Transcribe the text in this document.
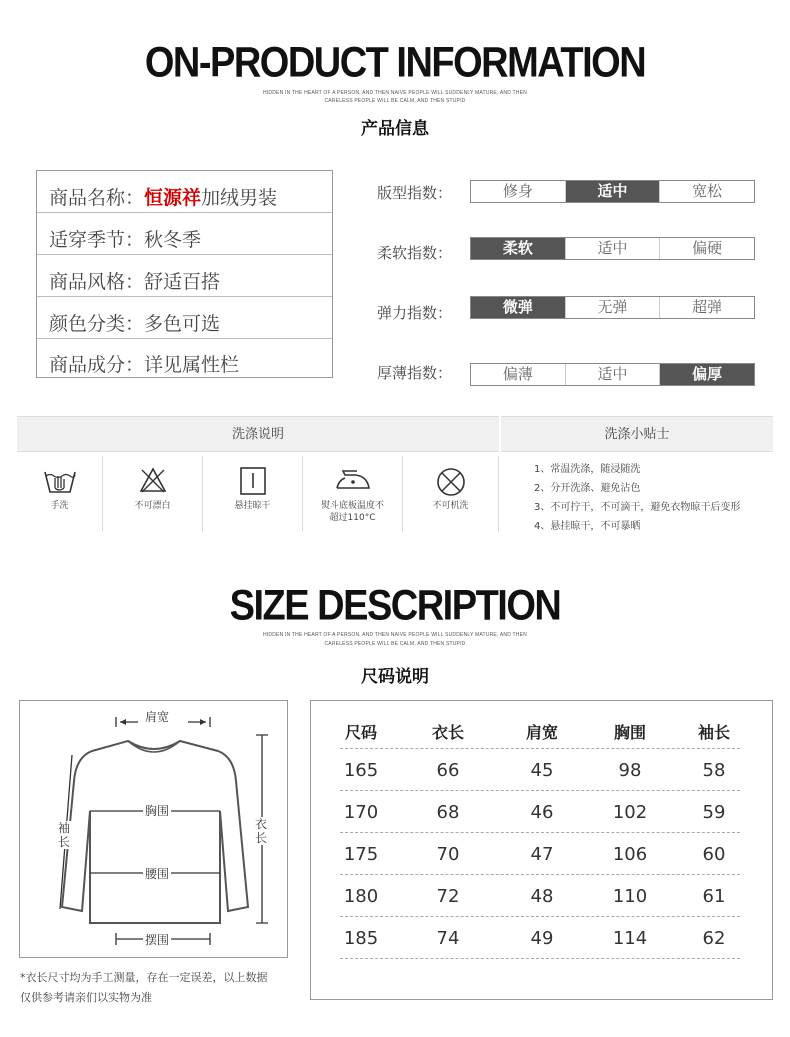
ON-PRODUCT INFORMATION
HIDDEN IN THE HEART OF A PERSON, AND THEN NAIVE PEOPLE WILL SUDDENLY MATURE, AND THEN
CARELESS PEOPLE WILL BE CALM, AND THEN STUPID
产品信息
商品名称：恒源祥加绒男装
适穿季节：秋冬季
商品风格：舒适百搭
颜色分类：多色可选
商品成分：详见属性栏
版型指数：	修身	适中	宽松
柔软指数：	柔软	适中	偏硬
弹力指数：	微弹	无弹	超弹
厚薄指数：	偏薄	适中	偏厚
洗涤说明	洗涤小贴士
手洗	不可漂白	悬挂晾干	熨斗底板温度不
超过110°C
不可机洗
1、常温洗涤，随浸随洗
2、分开洗涤、避免沾色
3、不可拧干，不可滴干，避免衣物晾干后变形
4、悬挂晾干，不可暴晒
SIZE DESCRIPTION
HIDDEN IN THE HEART OF A PERSON, AND THEN NAIVE PEOPLE WILL SUDDENLY MATURE, AND THEN
CARELESS PEOPLE WILL BE CALM, AND THEN STUPID
尺码说明
肩宽
胸围
腰围
摆围
袖长
衣长
*衣长尺寸均为手工测量，存在一定误差，以上数据
仅供参考请亲们以实物为准
尺码	衣长	肩宽	胸围	袖长
165	66	45	98	58
170	68	46	102	59
175	70	47	106	60
180	72	48	110	61
185	74	49	114	62
